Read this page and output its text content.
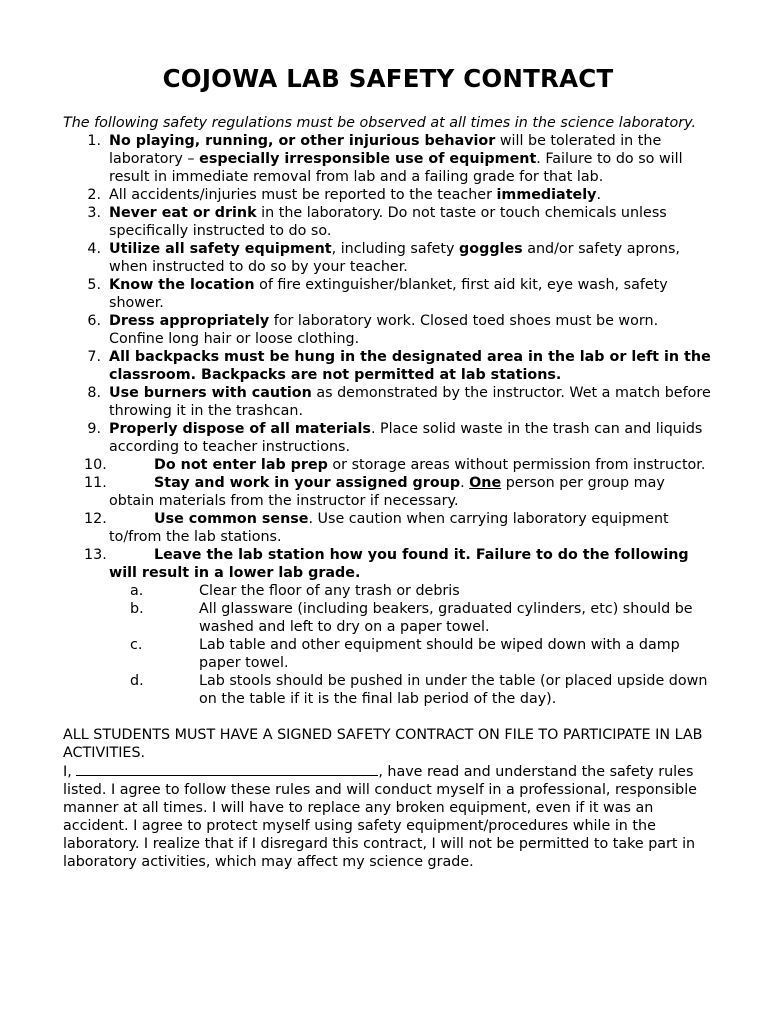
COJOWA LAB SAFETY CONTRACT

The following safety regulations must be observed at all times in the science laboratory.

1. No playing, running, or other injurious behavior will be tolerated in the laboratory – especially irresponsible use of equipment. Failure to do so will result in immediate removal from lab and a failing grade for that lab.
2. All accidents/injuries must be reported to the teacher immediately.
3. Never eat or drink in the laboratory. Do not taste or touch chemicals unless specifically instructed to do so.
4. Utilize all safety equipment, including safety goggles and/or safety aprons, when instructed to do so by your teacher.
5. Know the location of fire extinguisher/blanket, first aid kit, eye wash, safety shower.
6. Dress appropriately for laboratory work. Closed toed shoes must be worn. Confine long hair or loose clothing.
7. All backpacks must be hung in the designated area in the lab or left in the classroom. Backpacks are not permitted at lab stations.
8. Use burners with caution as demonstrated by the instructor. Wet a match before throwing it in the trashcan.
9. Properly dispose of all materials. Place solid waste in the trash can and liquids according to teacher instructions.
10.	Do not enter lab prep or storage areas without permission from instructor.
11.	Stay and work in your assigned group. One person per group may obtain materials from the instructor if necessary.
12.	Use common sense. Use caution when carrying laboratory equipment to/from the lab stations.
13.	Leave the lab station how you found it. Failure to do the following will result in a lower lab grade.
a.	Clear the floor of any trash or debris
b.	All glassware (including beakers, graduated cylinders, etc) should be washed and left to dry on a paper towel.
c.	Lab table and other equipment should be wiped down with a damp paper towel.
d.	Lab stools should be pushed in under the table (or placed upside down on the table if it is the final lab period of the day).

ALL STUDENTS MUST HAVE A SIGNED SAFETY CONTRACT ON FILE TO PARTICIPATE IN LAB ACTIVITIES.

I,	, have read and understand the safety rules listed. I agree to follow these rules and will conduct myself in a professional, responsible manner at all times. I will have to replace any broken equipment, even if it was an accident. I agree to protect myself using safety equipment/procedures while in the laboratory. I realize that if I disregard this contract, I will not be permitted to take part in laboratory activities, which may affect my science grade.
